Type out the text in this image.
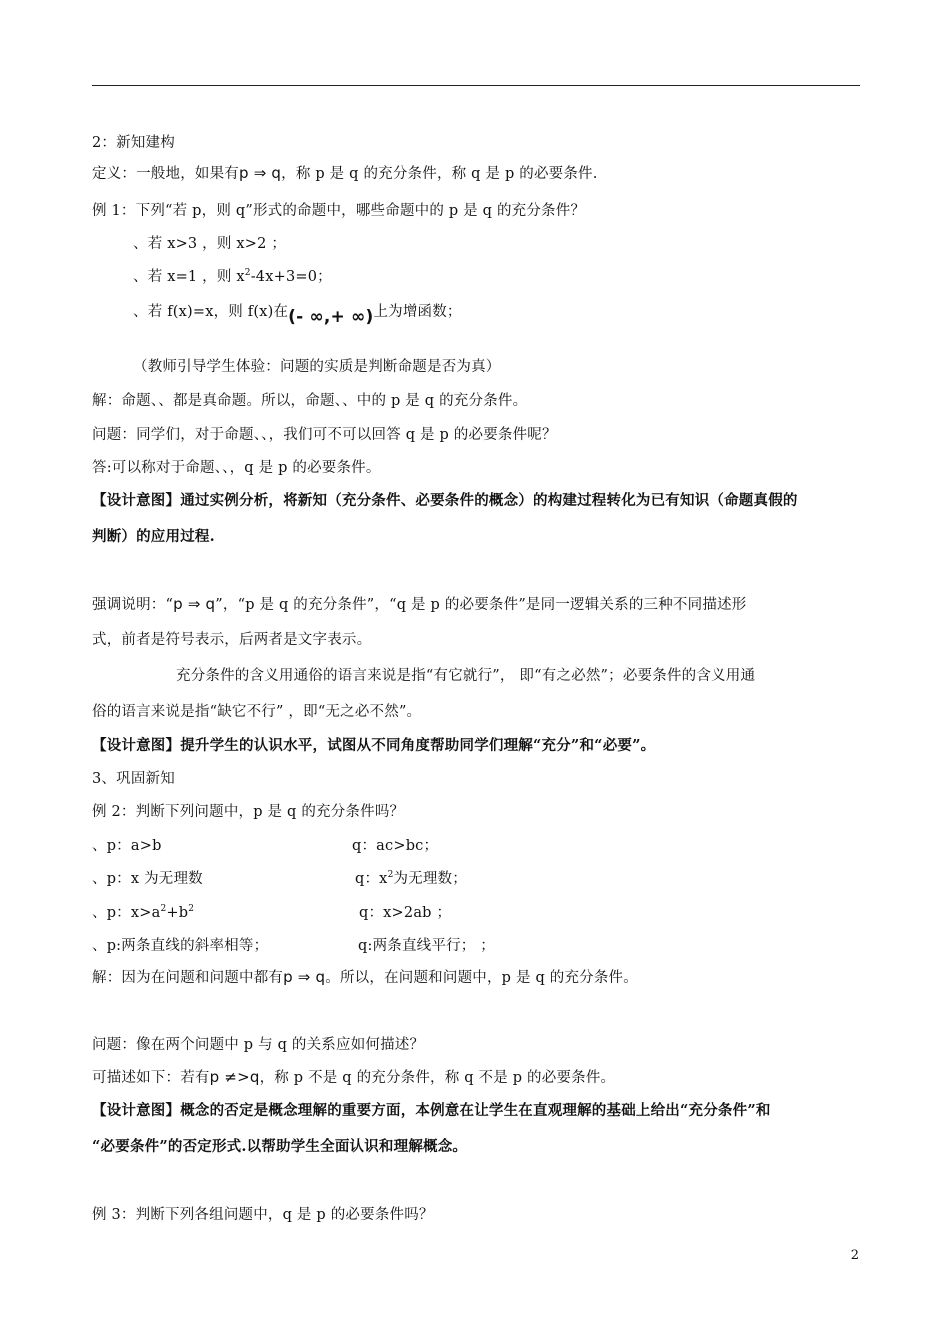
2：新知建构
定义：一般地，如果有p ⇒ q，称 p 是 q 的充分条件，称 q 是 p 的必要条件.
例 1：下列“若 p，则 q”形式的命题中，哪些命题中的 p 是 q 的充分条件？
、若 x>3 ，则 x>2 ；
、若 x=1 ，则 $x^2-4x+3=0$；
、若 f(x)=x，则 f(x)在(- ∞,+ ∞)上为增函数；
（教师引导学生体验：问题的实质是判断命题是否为真）
解：命题、、都是真命题。所以，命题、、中的 p 是 q 的充分条件。
问题：同学们，对于命题、、，我们可不可以回答 q 是 p 的必要条件呢？
答:可以称对于命题、、，q 是 p 的必要条件。
【设计意图】通过实例分析，将新知（充分条件、必要条件的概念）的构建过程转化为已有知识（命题真假的
判断）的应用过程.
强调说明：“p ⇒ q”，“p 是 q 的充分条件”，“q 是 p 的必要条件”是同一逻辑关系的三种不同描述形
式，前者是符号表示，后两者是文字表示。
充分条件的含义用通俗的语言来说是指“有它就行”， 即“有之必然”；必要条件的含义用通
俗的语言来说是指“缺它不行” ，即“无之必不然”。
【设计意图】提升学生的认识水平，试图从不同角度帮助同学们理解“充分”和“必要”。
3、巩固新知
例 2：判断下列问题中，p 是 q 的充分条件吗？
、p：a>b	q：ac>bc；
、p：x 为无理数	q：$x^2$为无理数；
、p：$x>a^2+b^2$	q：x>2ab ；
、p:两条直线的斜率相等；	q:两条直线平行； ；
解：因为在问题和问题中都有p ⇒ q。所以，在问题和问题中，p 是 q 的充分条件。
问题：像在两个问题中 p 与 q 的关系应如何描述？
可描述如下：若有p ≠>q，称 p 不是 q 的充分条件，称 q 不是 p 的必要条件。
【设计意图】概念的否定是概念理解的重要方面，本例意在让学生在直观理解的基础上给出“充分条件”和
“必要条件”的否定形式.以帮助学生全面认识和理解概念。
例 3：判断下列各组问题中，q 是 p 的必要条件吗？
2
